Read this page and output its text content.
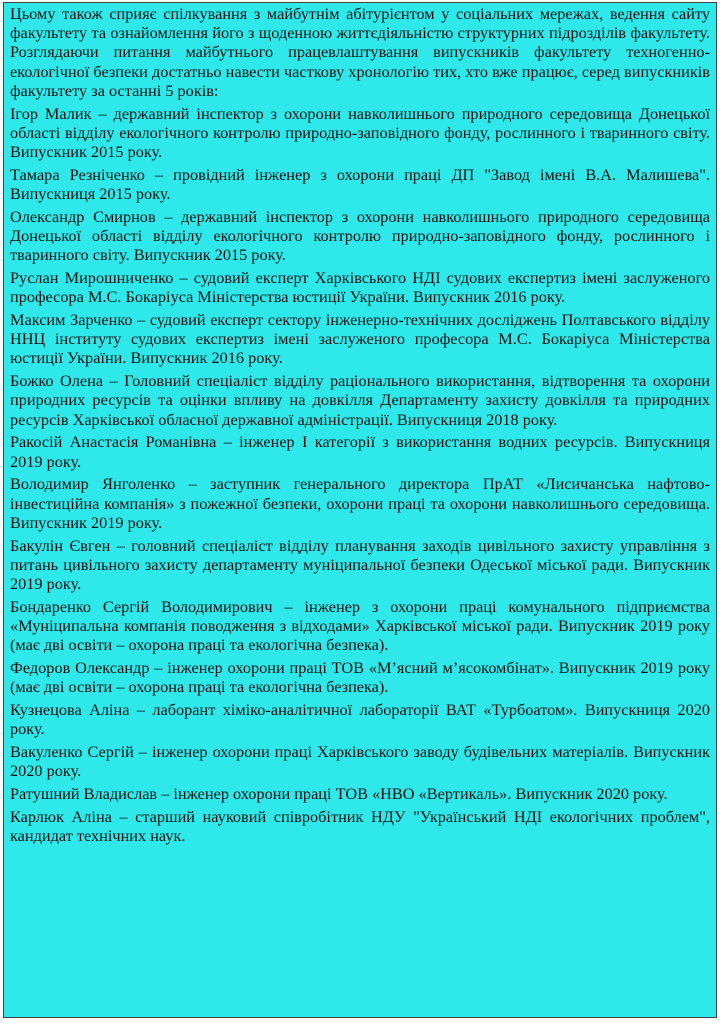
Цьому також сприяє спілкування з майбутнім абітурієнтом у соціальних мережах, ведення сайту факультету та ознайомлення його з щоденною життєдіяльністю структурних підрозділів факультету. Розглядаючи питання майбутнього працевлаштування випускників факультету техногенно-екологічної безпеки достатньо навести часткову хронологію тих, хто вже працює, серед випускників факультету за останні 5 років:

Ігор Малик – державний інспектор з охорони навколишнього природного середовища Донецької області відділу екологічного контролю природно-заповідного фонду, рослинного і тваринного світу. Випускник 2015 року.

Тамара Резніченко – провідний інженер з охорони праці ДП "Завод імені В.А. Малишева". Випускниця 2015 року.

Олександр Смирнов – державний інспектор з охорони навколишнього природного середовища Донецької області відділу екологічного контролю природно-заповідного фонду, рослинного і тваринного світу. Випускник 2015 року.

Руслан Мирошниченко – судовий експерт Харківського НДІ судових експертиз імені заслуженого професора М.С. Бокаріуса Міністерства юстиції України. Випускник 2016 року.

Максим Зарченко – судовий експерт сектору інженерно-технічних досліджень Полтавського відділу ННЦ інституту судових експертиз імені заслуженого професора М.С. Бокаріуса Міністерства юстиції України. Випускник 2016 року.

Божко Олена – Головний спеціаліст відділу раціонального використання, відтворення та охорони природних ресурсів та оцінки впливу на довкілля Департаменту захисту довкілля та природних ресурсів Харківської обласної державної адміністрації. Випускниця 2018 року.

Ракосій Анастасія Романівна – інженер І категорії з використання водних ресурсів. Випускниця 2019 року.

Володимир Янголенко – заступник генерального директора ПрАТ «Лисичанська нафтово-інвестиційна компанія» з пожежної безпеки, охорони праці та охорони навколишнього середовища. Випускник 2019 року.

Бакулін Євген – головний спеціаліст відділу планування заходів цивільного захисту управління з питань цивільного захисту департаменту муніципальної безпеки Одеської міської ради. Випускник 2019 року.

Бондаренко Сергій Володимирович – інженер з охорони праці комунального підприємства «Муніципальна компанія поводження з відходами» Харківської міської ради. Випускник 2019 року (має дві освіти – охорона праці та екологічна безпека).

Федоров Олександр – інженер охорони праці ТОВ «М’ясний м’ясокомбінат». Випускник 2019 року (має дві освіти – охорона праці та екологічна безпека).

Кузнецова Аліна – лаборант хіміко-аналітичної лабораторії ВАТ «Турбоатом». Випускниця 2020 року.

Вакуленко Сергій – інженер охорони праці Харківського заводу будівельних матеріалів. Випускник 2020 року.

Ратушний Владислав – інженер охорони праці ТОВ «НВО «Вертикаль». Випускник 2020 року.

Карлюк Аліна – старший науковий співробітник НДУ "Український НДІ екологічних проблем", кандидат технічних наук.
